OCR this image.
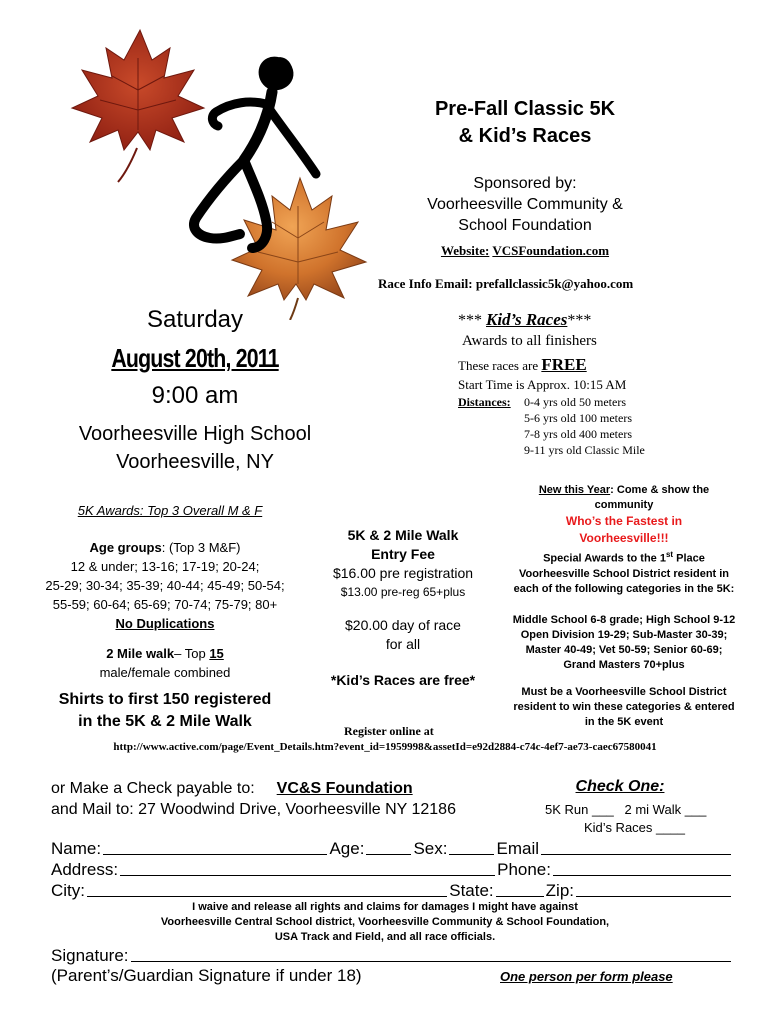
Pre-Fall Classic 5K
& Kid’s Races
Sponsored by:
Voorheesville Community &
School Foundation
Website: VCSFoundation.com
Race Info Email: prefallclassic5k@yahoo.com
Saturday
August 20th, 2011
9:00 am
Voorheesville High School
Voorheesville, NY
*** Kid’s Races***
Awards to all finishers
These races are FREE
Start Time is Approx. 10:15 AM
Distances: 0-4 yrs old 50 meters
5-6 yrs old 100 meters
7-8 yrs old 400 meters
9-11 yrs old Classic Mile
5K Awards: Top 3 Overall M & F
Age groups: (Top 3 M&F)
12 & under; 13-16; 17-19; 20-24;
25-29; 30-34; 35-39; 40-44; 45-49; 50-54;
55-59; 60-64; 65-69; 70-74; 75-79; 80+
No Duplications
2 Mile walk– Top 15
male/female combined
Shirts to first 150 registered
in the 5K & 2 Mile Walk
5K & 2 Mile Walk
Entry Fee
$16.00 pre registration
$13.00 pre-reg 65+plus
$20.00 day of race
for all
*Kid’s Races are free*
New this Year: Come & show the
community
Who’s the Fastest in
Voorheesville!!!
Special Awards to the 1st Place
Voorheesville School District resident in
each of the following categories in the 5K:
Middle School 6-8 grade; High School 9-12
Open Division 19-29; Sub-Master 30-39;
Master 40-49; Vet 50-59; Senior 60-69;
Grand Masters 70+plus
Must be a Voorheesville School District
resident to win these categories & entered
in the 5K event
Register online at
http://www.active.com/page/Event_Details.htm?event_id=1959998&assetId=e92d2884-c74c-4ef7-ae73-caec67580041
or Make a Check payable to: VC&S Foundation
and Mail to: 27 Woodwind Drive, Voorheesville NY 12186
Check One:
5K Run ___   2 mi Walk ___
Kid’s Races ____
Name:	Age:	Sex:	Email
Address:	Phone:
City:	State:	Zip:
I waive and release all rights and claims for damages I might have against
Voorheesville Central School district, Voorheesville Community & School Foundation,
USA Track and Field, and all race officials.
Signature:
(Parent’s/Guardian Signature if under 18)	One person per form please
